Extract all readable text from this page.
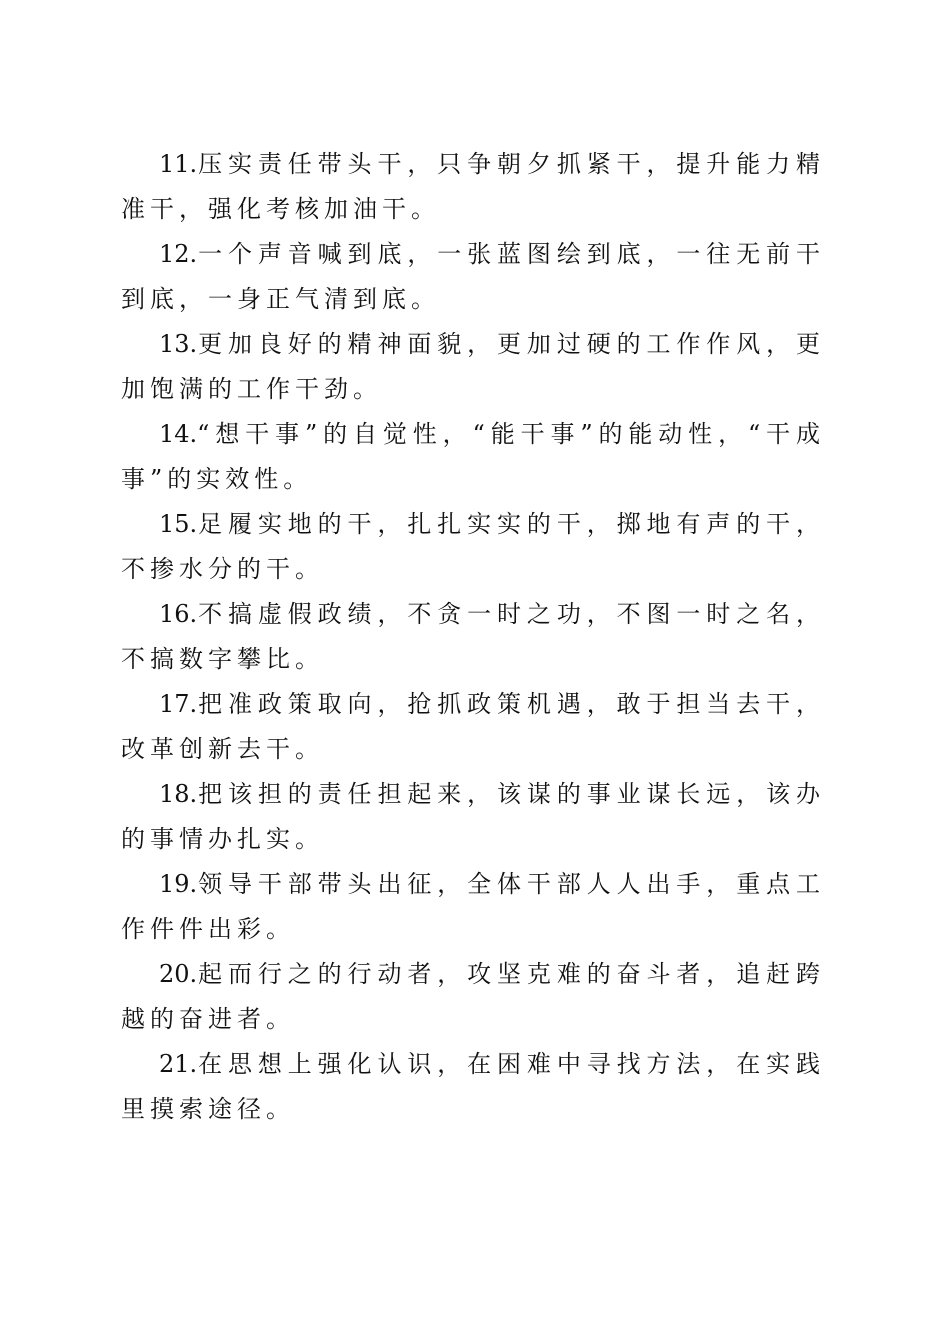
11.压实责任带头干，只争朝夕抓紧干，提升能力精准干，强化考核加油干。

12.一个声音喊到底，一张蓝图绘到底，一往无前干到底，一身正气清到底。

13.更加良好的精神面貌，更加过硬的工作作风，更加饱满的工作干劲。

14.“想干事”的自觉性，“能干事”的能动性，“干成事”的实效性。

15.足履实地的干，扎扎实实的干，掷地有声的干，不掺水分的干。

16.不搞虚假政绩，不贪一时之功，不图一时之名，不搞数字攀比。

17.把准政策取向，抢抓政策机遇，敢于担当去干，改革创新去干。

18.把该担的责任担起来，该谋的事业谋长远，该办的事情办扎实。

19.领导干部带头出征，全体干部人人出手，重点工作件件出彩。

20.起而行之的行动者，攻坚克难的奋斗者，追赶跨越的奋进者。

21.在思想上强化认识，在困难中寻找方法，在实践里摸索途径。
